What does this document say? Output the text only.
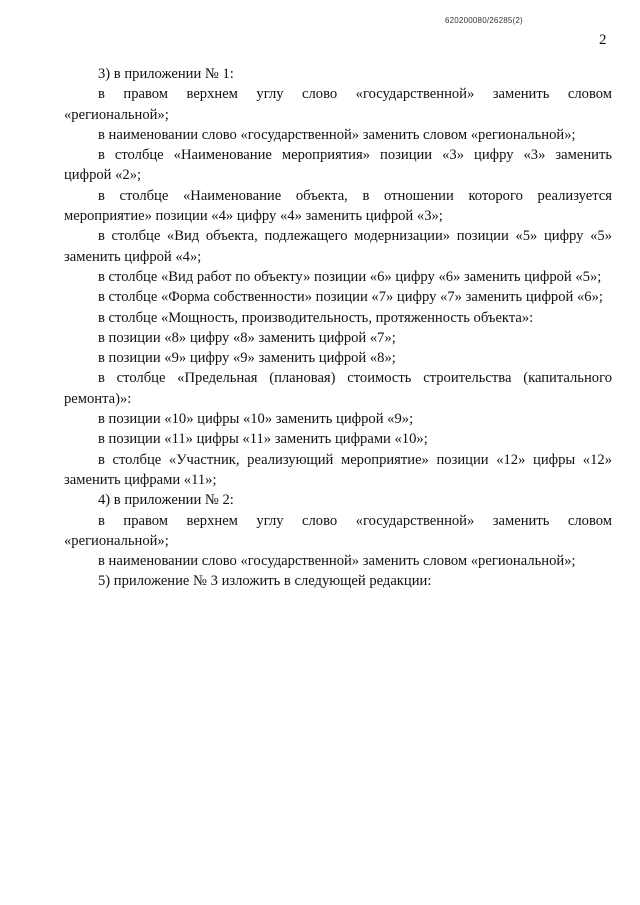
620200080/26285(2)
2

3) в приложении № 1:

в правом верхнем углу слово «государственной» заменить словом «региональной»;

в наименовании слово «государственной» заменить словом «региональной»;

в столбце «Наименование мероприятия» позиции «3» цифру «3» заменить цифрой «2»;

в столбце «Наименование объекта, в отношении которого реализуется мероприятие» позиции «4» цифру «4» заменить цифрой «3»;

в столбце «Вид объекта, подлежащего модернизации» позиции «5» цифру «5» заменить цифрой «4»;

в столбце «Вид работ по объекту» позиции «6» цифру «6» заменить цифрой «5»;

в столбце «Форма собственности» позиции «7» цифру «7» заменить цифрой «6»;

в столбце «Мощность, производительность, протяженность объекта»:

в позиции «8» цифру «8» заменить цифрой «7»;

в позиции «9» цифру «9» заменить цифрой «8»;

в столбце «Предельная (плановая) стоимость строительства (капитального ремонта)»:

в позиции «10» цифры «10» заменить цифрой «9»;

в позиции «11» цифры «11» заменить цифрами «10»;

в столбце «Участник, реализующий мероприятие» позиции «12» цифры «12» заменить цифрами «11»;

4) в приложении № 2:

в правом верхнем углу слово «государственной» заменить словом «региональной»;

в наименовании слово «государственной» заменить словом «региональной»;

5) приложение № 3 изложить в следующей редакции:
